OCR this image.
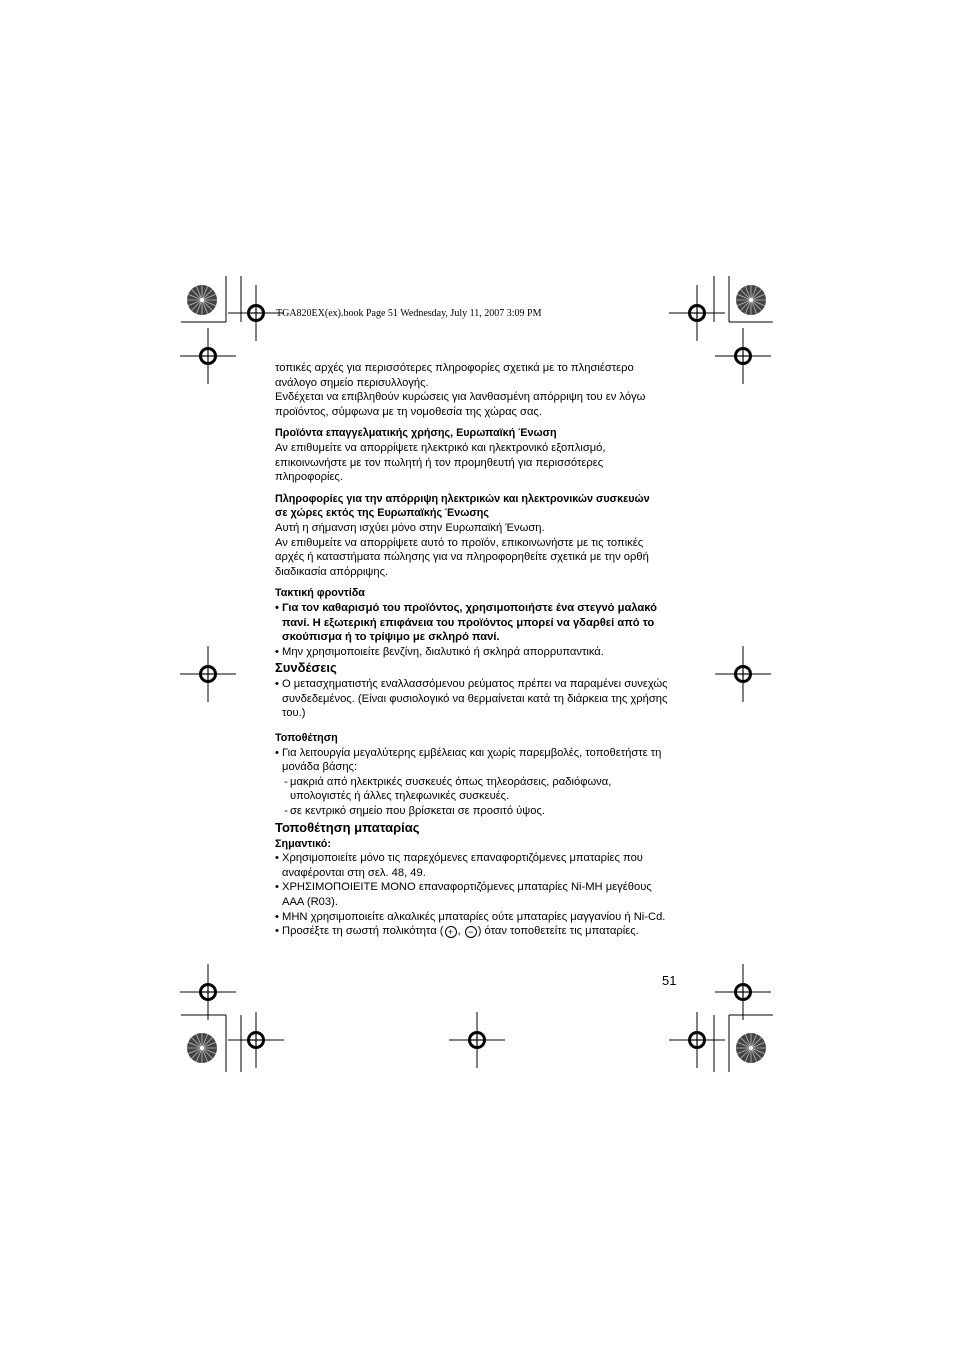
TGA820EX(ex).book Page 51 Wednesday, July 11, 2007 3:09 PM

τοπικές αρχές για περισσότερες πληροφορίες σχετικά με το πλησιέστερο

ανάλογο σημείο περισυλλογής.

Ενδέχεται να επιβληθούν κυρώσεις για λανθασμένη απόρριψη του εν λόγω

προϊόντος, σύμφωνα με τη νομοθεσία της χώρας σας.

Προϊόντα επαγγελματικής χρήσης, Ευρωπαϊκή Ένωση

Αν επιθυμείτε να απορρίψετε ηλεκτρικό και ηλεκτρονικό εξοπλισμό,

επικοινωνήστε με τον πωλητή ή τον προμηθευτή για περισσότερες

πληροφορίες.

Πληροφορίες για την απόρριψη ηλεκτρικών και ηλεκτρονικών συσκευών

σε χώρες εκτός της Ευρωπαϊκής Ένωσης

Αυτή η σήμανση ισχύει μόνο στην Ευρωπαϊκή Ένωση.

Αν επιθυμείτε να απορρίψετε αυτό το προϊόν, επικοινωνήστε με τις τοπικές

αρχές ή καταστήματα πώλησης για να πληροφορηθείτε σχετικά με την ορθή

διαδικασία απόρριψης.

Τακτική φροντίδα

• Για τον καθαρισμό του προϊόντος, χρησιμοποιήστε ένα στεγνό μαλακό

πανί. Η εξωτερική επιφάνεια του προϊόντος μπορεί να γδαρθεί από το

σκούπισμα ή το τρίψιμο με σκληρό πανί.

• Μην χρησιμοποιείτε βενζίνη, διαλυτικό ή σκληρά απορρυπαντικά.

Συνδέσεις

• Ο μετασχηματιστής εναλλασσόμενου ρεύματος πρέπει να παραμένει συνεχώς

συνδεδεμένος. (Είναι φυσιολογικό να θερμαίνεται κατά τη διάρκεια της χρήσης

του.)

Τοποθέτηση

• Για λειτουργία μεγαλύτερης εμβέλειας και χωρίς παρεμβολές, τοποθετήστε τη

μονάδα βάσης:

- μακριά από ηλεκτρικές συσκευές όπως τηλεοράσεις, ραδιόφωνα,

υπολογιστές ή άλλες τηλεφωνικές συσκευές.

- σε κεντρικό σημείο που βρίσκεται σε προσιτό ύψος.

Τοποθέτηση μπαταρίας

Σημαντικό:

• Χρησιμοποιείτε μόνο τις παρεχόμενες επαναφορτιζόμενες μπαταρίες που

αναφέρονται στη σελ. 48, 49.

• ΧΡΗΣΙΜΟΠΟΙΕΙΤΕ ΜΟΝΟ επαναφορτιζόμενες μπαταρίες Ni-MH μεγέθους

AAA (R03).

• ΜΗΝ χρησιμοποιείτε αλκαλικές μπαταρίες ούτε μπαταρίες μαγγανίου ή Ni-Cd.

• Προσέξτε τη σωστή πολικότητα ( + , − ) όταν τοποθετείτε τις μπαταρίες.

51
